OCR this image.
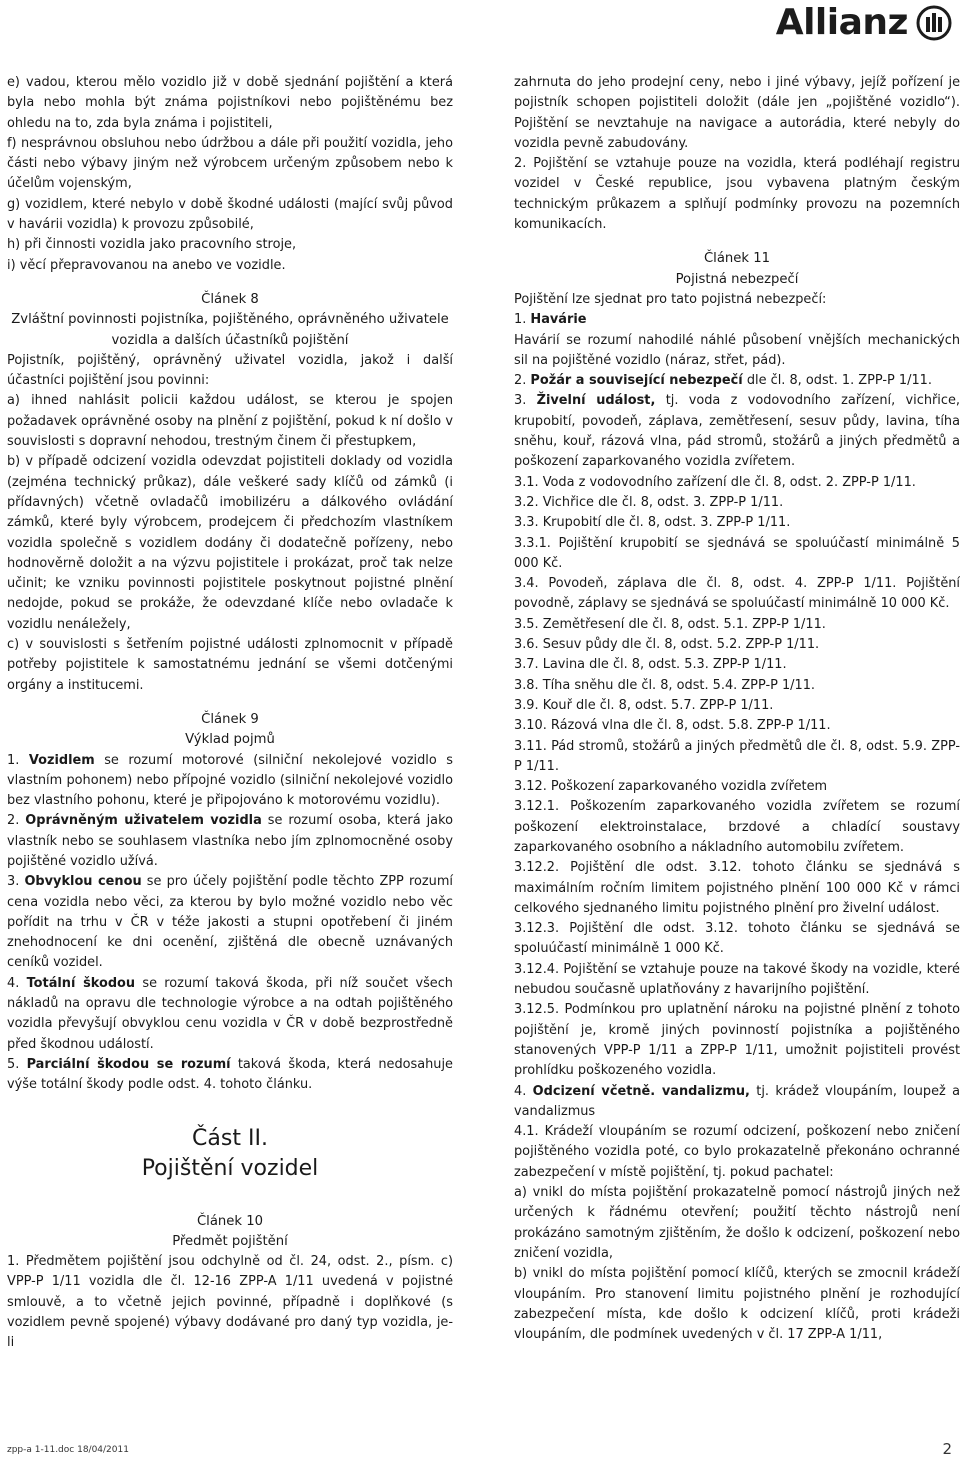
Allianz

e) vadou, kterou mělo vozidlo již v době sjednání pojištění a která byla nebo mohla být známa pojistníkovi nebo pojištěnému bez ohledu na to, zda byla známa i pojistiteli,

f) nesprávnou obsluhou nebo údržbou a dále při použití vozidla, jeho části nebo výbavy jiným než výrobcem určeným způsobem nebo k účelům vojenským,

g) vozidlem, které nebylo v době škodné události (mající svůj původ v havárii vozidla) k provozu způsobilé,

h) při činnosti vozidla jako pracovního stroje,

i) věcí přepravovanou na anebo ve vozidle.

Článek 8

Zvláštní povinnosti pojistníka, pojištěného, oprávněného uživatele vozidla a dalších účastníků pojištění

Pojistník, pojištěný, oprávněný uživatel vozidla, jakož i další účastníci pojištění jsou povinni:

a) ihned nahlásit policii každou událost, se kterou je spojen požadavek oprávněné osoby na plnění z pojištění, pokud k ní došlo v souvislosti s dopravní nehodou, trestným činem či přestupkem,

b) v případě odcizení vozidla odevzdat pojistiteli doklady od vozidla (zejména technický průkaz), dále veškeré sady klíčů od zámků (i přídavných) včetně ovladačů imobilizéru a dálkového ovládání zámků, které byly výrobcem, prodejcem či předchozím vlastníkem vozidla společně s vozidlem dodány či dodatečně pořízeny, nebo hodnověrně doložit a na výzvu pojistitele i prokázat, proč tak nelze učinit; ke vzniku povinnosti pojistitele poskytnout pojistné plnění nedojde, pokud se prokáže, že odevzdané klíče nebo ovladače k vozidlu nenáležely,

c) v souvislosti s šetřením pojistné události zplnomocnit v případě potřeby pojistitele k samostatnému jednání se všemi dotčenými orgány a institucemi.

Článek 9

Výklad pojmů

1. Vozidlem se rozumí motorové (silniční nekolejové vozidlo s vlastním pohonem) nebo přípojné vozidlo (silniční nekolejové vozidlo bez vlastního pohonu, které je připojováno k motorovému vozidlu).

2. Oprávněným uživatelem vozidla se rozumí osoba, která jako vlastník nebo se souhlasem vlastníka nebo jím zplnomocněné osoby pojištěné vozidlo užívá.

3. Obvyklou cenou se pro účely pojištění podle těchto ZPP rozumí cena vozidla nebo věci, za kterou by bylo možné vozidlo nebo věc pořídit na trhu v ČR v téže jakosti a stupni opotřebení či jiném znehodnocení ke dni ocenění, zjištěná dle obecně uznávaných ceníků vozidel.

4. Totální škodou se rozumí taková škoda, při níž součet všech nákladů na opravu dle technologie výrobce a na odtah pojištěného vozidla převyšují obvyklou cenu vozidla v ČR v době bezprostředně před škodnou událostí.

5. Parciální škodou se rozumí taková škoda, která nedosahuje výše totální škody podle odst. 4. tohoto článku.

Část II.

Pojištění vozidel

Článek 10

Předmět pojištění

1. Předmětem pojištění jsou odchylně od čl. 24, odst. 2., písm. c) VPP-P 1/11 vozidla dle čl. 12-16 ZPP-A 1/11 uvedená v pojistné smlouvě, a to včetně jejich povinné, případně i doplňkové (s vozidlem pevně spojené) výbavy dodávané pro daný typ vozidla, je-li

zahrnuta do jeho prodejní ceny, nebo i jiné výbavy, jejíž pořízení je pojistník schopen pojistiteli doložit (dále jen „pojištěné vozidlo“). Pojištění se nevztahuje na navigace a autorádia, které nebyly do vozidla pevně zabudovány.

2. Pojištění se vztahuje pouze na vozidla, která podléhají registru vozidel v České republice, jsou vybavena platným českým technickým průkazem a splňují podmínky provozu na pozemních komunikacích.

Článek 11

Pojistná nebezpečí

Pojištění lze sjednat pro tato pojistná nebezpečí:

1. Havárie

Havárií se rozumí nahodilé náhlé působení vnějších mechanických sil na pojištěné vozidlo (náraz, střet, pád).

2. Požár a související nebezpečí dle čl. 8, odst. 1. ZPP-P 1/11.

3. Živelní událost, tj. voda z vodovodního zařízení, vichřice, krupobití, povodeň, záplava, zemětřesení, sesuv půdy, lavina, tíha sněhu, kouř, rázová vlna, pád stromů, stožárů a jiných předmětů a poškození zaparkovaného vozidla zvířetem.

3.1. Voda z vodovodního zařízení dle čl. 8, odst. 2. ZPP-P 1/11.

3.2. Vichřice dle čl. 8, odst. 3. ZPP-P 1/11.

3.3. Krupobití dle čl. 8, odst. 3. ZPP-P 1/11.

3.3.1. Pojištění krupobití se sjednává se spoluúčastí minimálně 5 000 Kč.

3.4. Povodeň, záplava dle čl. 8, odst. 4. ZPP-P 1/11. Pojištění povodně, záplavy se sjednává se spoluúčastí minimálně 10 000 Kč.

3.5. Zemětřesení dle čl. 8, odst. 5.1. ZPP-P 1/11.

3.6. Sesuv půdy dle čl. 8, odst. 5.2. ZPP-P 1/11.

3.7. Lavina dle čl. 8, odst. 5.3. ZPP-P 1/11.

3.8. Tíha sněhu dle čl. 8, odst. 5.4. ZPP-P 1/11.

3.9. Kouř dle čl. 8, odst. 5.7. ZPP-P 1/11.

3.10. Rázová vlna dle čl. 8, odst. 5.8. ZPP-P 1/11.

3.11. Pád stromů, stožárů a jiných předmětů dle čl. 8, odst. 5.9. ZPP-P 1/11.

3.12. Poškození zaparkovaného vozidla zvířetem

3.12.1. Poškozením zaparkovaného vozidla zvířetem se rozumí poškození elektroinstalace, brzdové a chladící soustavy zaparkovaného osobního a nákladního automobilu zvířetem.

3.12.2. Pojištění dle odst. 3.12. tohoto článku se sjednává s maximálním ročním limitem pojistného plnění 100 000 Kč v rámci celkového sjednaného limitu pojistného plnění pro živelní událost.

3.12.3. Pojištění dle odst. 3.12. tohoto článku se sjednává se spoluúčastí minimálně 1 000 Kč.

3.12.4. Pojištění se vztahuje pouze na takové škody na vozidle, které nebudou současně uplatňovány z havarijního pojištění.

3.12.5. Podmínkou pro uplatnění nároku na pojistné plnění z tohoto pojištění je, kromě jiných povinností pojistníka a pojištěného stanovených VPP-P 1/11 a ZPP-P 1/11, umožnit pojistiteli provést prohlídku poškozeného vozidla.

4. Odcizení včetně. vandalizmu, tj. krádež vloupáním, loupež a vandalizmus

4.1. Krádeží vloupáním se rozumí odcizení, poškození nebo zničení pojištěného vozidla poté, co bylo prokazatelně překonáno ochranné zabezpečení v místě pojištění, tj. pokud pachatel:

a) vnikl do místa pojištění prokazatelně pomocí nástrojů jiných než určených k řádnému otevření; použití těchto nástrojů není prokázáno samotným zjištěním, že došlo k odcizení, poškození nebo zničení vozidla,

b) vnikl do místa pojištění pomocí klíčů, kterých se zmocnil krádeží vloupáním. Pro stanovení limitu pojistného plnění je rozhodující zabezpečení místa, kde došlo k odcizení klíčů, proti krádeži vloupáním, dle podmínek uvedených v čl. 17 ZPP-A 1/11,

zpp-a 1-11.doc 18/04/2011	2
